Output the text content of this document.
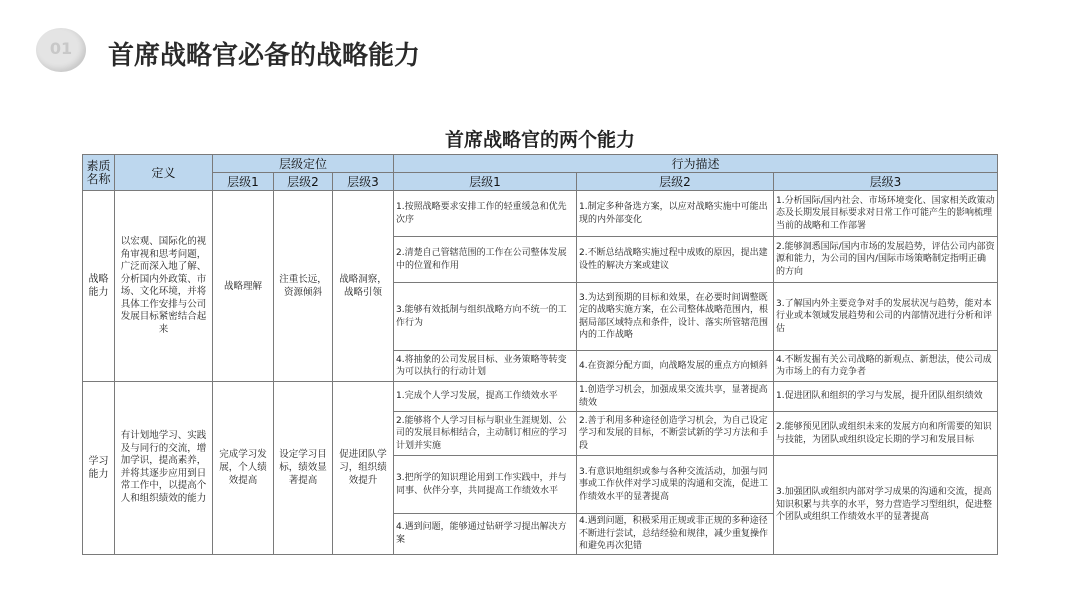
01	首席战略官必备的战略能力
首席战略官的两个能力
素质名称	定义	层级定位			行为描述		
		层级1	层级2	层级3	层级1	层级2	层级3
战略能力	以宏观、国际化的视角审视和思考问题，广泛而深入地了解、分析国内外政策、市场、文化环境，并将具体工作安排与公司发展目标紧密结合起来	战略理解	注重长远，资源倾斜	战略洞察，战略引领	1.按照战略要求安排工作的轻重缓急和优先次序	1.制定多种备选方案，以应对战略实施中可能出现的内外部变化	1.分析国际/国内社会、市场环境变化、国家相关政策动态及长期发展目标要求对日常工作可能产生的影响梳理当前的战略和工作部署
					2.清楚自己管辖范围的工作在公司整体发展中的位置和作用	2.不断总结战略实施过程中成败的原因，提出建设性的解决方案或建议	2.能够洞悉国际/国内市场的发展趋势，评估公司内部资源和能力，为公司的国内/国际市场策略制定指明正确的方向
					3.能够有效抵制与组织战略方向不统一的工作行为	3.为达到预期的目标和效果，在必要时间调整既定的战略实施方案，在公司整体战略范围内，根据局部区域特点和条件，设计、落实所管辖范围内的工作战略	3.了解国内外主要竞争对手的发展状况与趋势，能对本行业或本领域发展趋势和公司的内部情况进行分析和评估
					4.将抽象的公司发展目标、业务策略等转变为可以执行的行动计划	4.在资源分配方面，向战略发展的重点方向倾斜	4.不断发掘有关公司战略的新观点、新想法，使公司成为市场上的有力竞争者
学习能力	有计划地学习、实践及与同行的交流，增加学识，提高素养，并将其逐步应用到日常工作中，以提高个人和组织绩效的能力	完成学习发展，个人绩效提高	设定学习目标，绩效显著提高	促进团队学习，组织绩效提升	1.完成个人学习发展，提高工作绩效水平	1.创造学习机会，加强成果交流共享，显著提高绩效	1.促进团队和组织的学习与发展，提升团队组织绩效
					2.能够将个人学习目标与职业生涯规划、公司的发展目标相结合，主动制订相应的学习计划并实施	2.善于利用多种途径创造学习机会，为自己设定学习和发展的目标，不断尝试新的学习方法和手段	2.能够预见团队或组织未来的发展方向和所需要的知识与技能，为团队或组织设定长期的学习和发展目标
					3.把所学的知识理论用到工作实践中，并与同事、伙伴分享，共同提高工作绩效水平	3.有意识地组织或参与各种交流活动，加强与同事或工作伙伴对学习成果的沟通和交流，促进工作绩效水平的显著提高	3.加强团队或组织内部对学习成果的沟通和交流，提高知识积累与共享的水平，努力营造学习型组织，促进整个团队或组织工作绩效水平的显著提高
					4.遇到问题，能够通过钻研学习提出解决方案	4.遇到问题，积极采用正规或非正规的多种途径不断进行尝试，总结经验和规律，减少重复操作和避免再次犯错	
